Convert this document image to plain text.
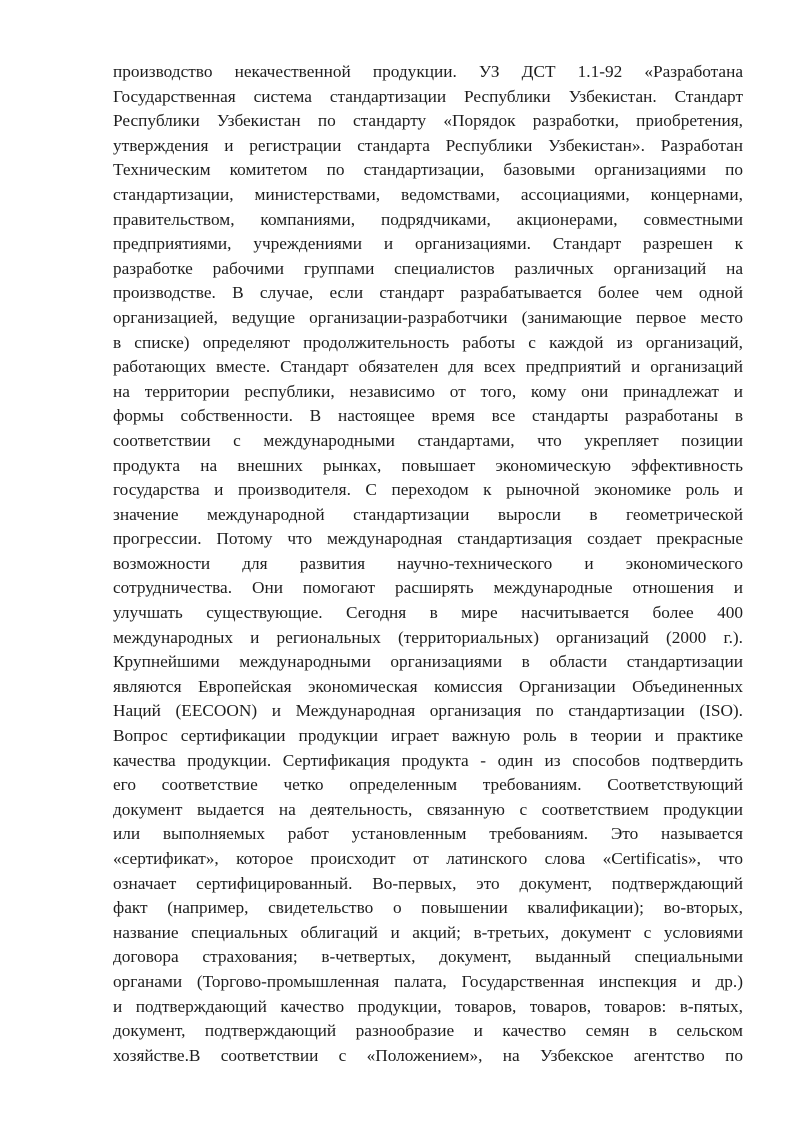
производство некачественной продукции. УЗ ДСТ 1.1-92 «Разработана
Государственная система стандартизации Республики Узбекистан. Стандарт
Республики Узбекистан по стандарту «Порядок разработки, приобретения,
утверждения и регистрации стандарта Республики Узбекистан». Разработан
Техническим комитетом по стандартизации, базовыми организациями по
стандартизации, министерствами, ведомствами, ассоциациями, концернами,
правительством, компаниями, подрядчиками, акционерами, совместными
предприятиями, учреждениями и организациями. Стандарт разрешен к
разработке рабочими группами специалистов различных организаций на
производстве. В случае, если стандарт разрабатывается более чем одной
организацией, ведущие организации-разработчики (занимающие первое место
в списке) определяют продолжительность работы с каждой из организаций,
работающих вместе. Стандарт обязателен для всех предприятий и организаций
на территории республики, независимо от того, кому они принадлежат и
формы собственности. В настоящее время все стандарты разработаны в
соответствии с международными стандартами, что укрепляет позиции
продукта на внешних рынках, повышает экономическую эффективность
государства и производителя. С переходом к рыночной экономике роль и
значение международной стандартизации выросли в геометрической
прогрессии. Потому что международная стандартизация создает прекрасные
возможности для развития научно-технического и экономического
сотрудничества. Они помогают расширять международные отношения и
улучшать существующие. Сегодня в мире насчитывается более 400
международных и региональных (территориальных) организаций (2000 г.).
Крупнейшими международными организациями в области стандартизации
являются Европейская экономическая комиссия Организации Объединенных
Наций (EECOON) и Международная организация по стандартизации (ISO).
Вопрос сертификации продукции играет важную роль в теории и практике
качества продукции. Сертификация продукта - один из способов подтвердить
его соответствие четко определенным требованиям. Соответствующий
документ выдается на деятельность, связанную с соответствием продукции
или выполняемых работ установленным требованиям. Это называется
«сертификат», которое происходит от латинского слова «Certificatis», что
означает сертифицированный. Во-первых, это документ, подтверждающий
факт (например, свидетельство о повышении квалификации); во-вторых,
название специальных облигаций и акций; в-третьих, документ с условиями
договора страхования; в-четвертых, документ, выданный специальными
органами (Торгово-промышленная палата, Государственная инспекция и др.)
и подтверждающий качество продукции, товаров, товаров, товаров: в-пятых,
документ, подтверждающий разнообразие и качество семян в сельском
хозяйстве.В соответствии с «Положением», на Узбекское агентство по
